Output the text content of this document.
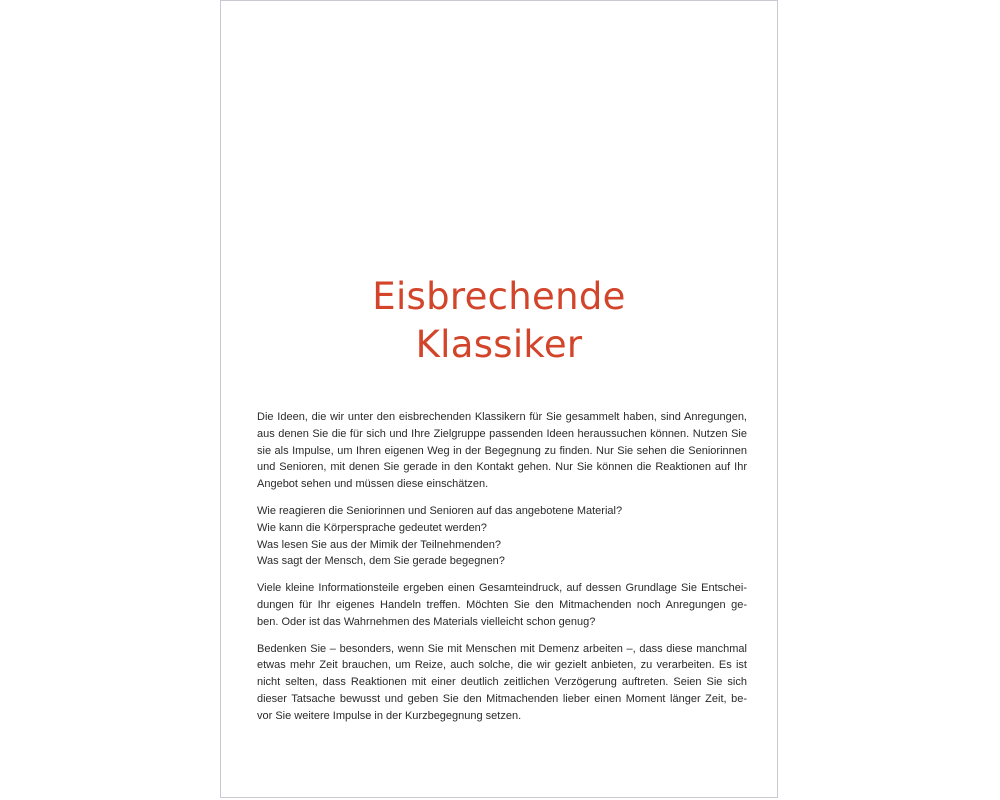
Eisbrechende
Klassiker

Die Ideen, die wir unter den eisbrechenden Klassikern für Sie gesammelt haben, sind Anregungen,
aus denen Sie die für sich und Ihre Zielgruppe passenden Ideen heraussuchen können. Nutzen Sie
sie als Impulse, um Ihren eigenen Weg in der Begegnung zu finden. Nur Sie sehen die Seniorinnen
und Senioren, mit denen Sie gerade in den Kontakt gehen. Nur Sie können die Reaktionen auf Ihr
Angebot sehen und müssen diese einschätzen.

Wie reagieren die Seniorinnen und Senioren auf das angebotene Material?
Wie kann die Körpersprache gedeutet werden?
Was lesen Sie aus der Mimik der Teilnehmenden?
Was sagt der Mensch, dem Sie gerade begegnen?

Viele kleine Informationsteile ergeben einen Gesamteindruck, auf dessen Grundlage Sie Entschei-
dungen für Ihr eigenes Handeln treffen. Möchten Sie den Mitmachenden noch Anregungen ge-
ben. Oder ist das Wahrnehmen des Materials vielleicht schon genug?

Bedenken Sie – besonders, wenn Sie mit Menschen mit Demenz arbeiten –, dass diese manchmal
etwas mehr Zeit brauchen, um Reize, auch solche, die wir gezielt anbieten, zu verarbeiten. Es ist
nicht selten, dass Reaktionen mit einer deutlich zeitlichen Verzögerung auftreten. Seien Sie sich
dieser Tatsache bewusst und geben Sie den Mitmachenden lieber einen Moment länger Zeit, be-
vor Sie weitere Impulse in der Kurzbegegnung setzen.
